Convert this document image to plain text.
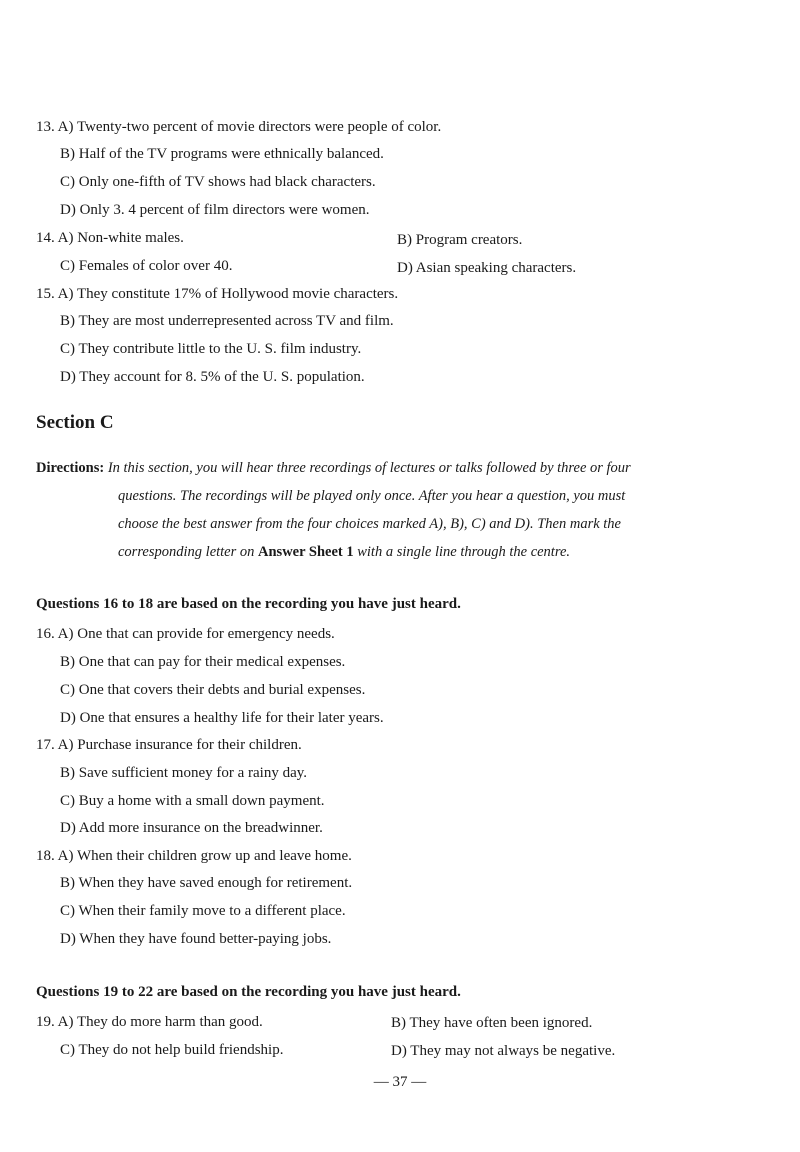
13. A) Twenty-two percent of movie directors were people of color.
B) Half of the TV programs were ethnically balanced.
C) Only one-fifth of TV shows had black characters.
D) Only 3. 4 percent of film directors were women.
14. A) Non-white males.	B) Program creators.
C) Females of color over 40.	D) Asian speaking characters.
15. A) They constitute 17% of Hollywood movie characters.
B) They are most underrepresented across TV and film.
C) They contribute little to the U. S. film industry.
D) They account for 8. 5% of the U. S. population.
Section C
Directions: In this section, you will hear three recordings of lectures or talks followed by three or four
questions. The recordings will be played only once. After you hear a question, you must
choose the best answer from the four choices marked A), B), C) and D). Then mark the
corresponding letter on Answer Sheet 1 with a single line through the centre.
Questions 16 to 18 are based on the recording you have just heard.
16. A) One that can provide for emergency needs.
B) One that can pay for their medical expenses.
C) One that covers their debts and burial expenses.
D) One that ensures a healthy life for their later years.
17. A) Purchase insurance for their children.
B) Save sufficient money for a rainy day.
C) Buy a home with a small down payment.
D) Add more insurance on the breadwinner.
18. A) When their children grow up and leave home.
B) When they have saved enough for retirement.
C) When their family move to a different place.
D) When they have found better-paying jobs.
Questions 19 to 22 are based on the recording you have just heard.
19. A) They do more harm than good.	B) They have often been ignored.
C) They do not help build friendship.	D) They may not always be negative.
— 37 —
